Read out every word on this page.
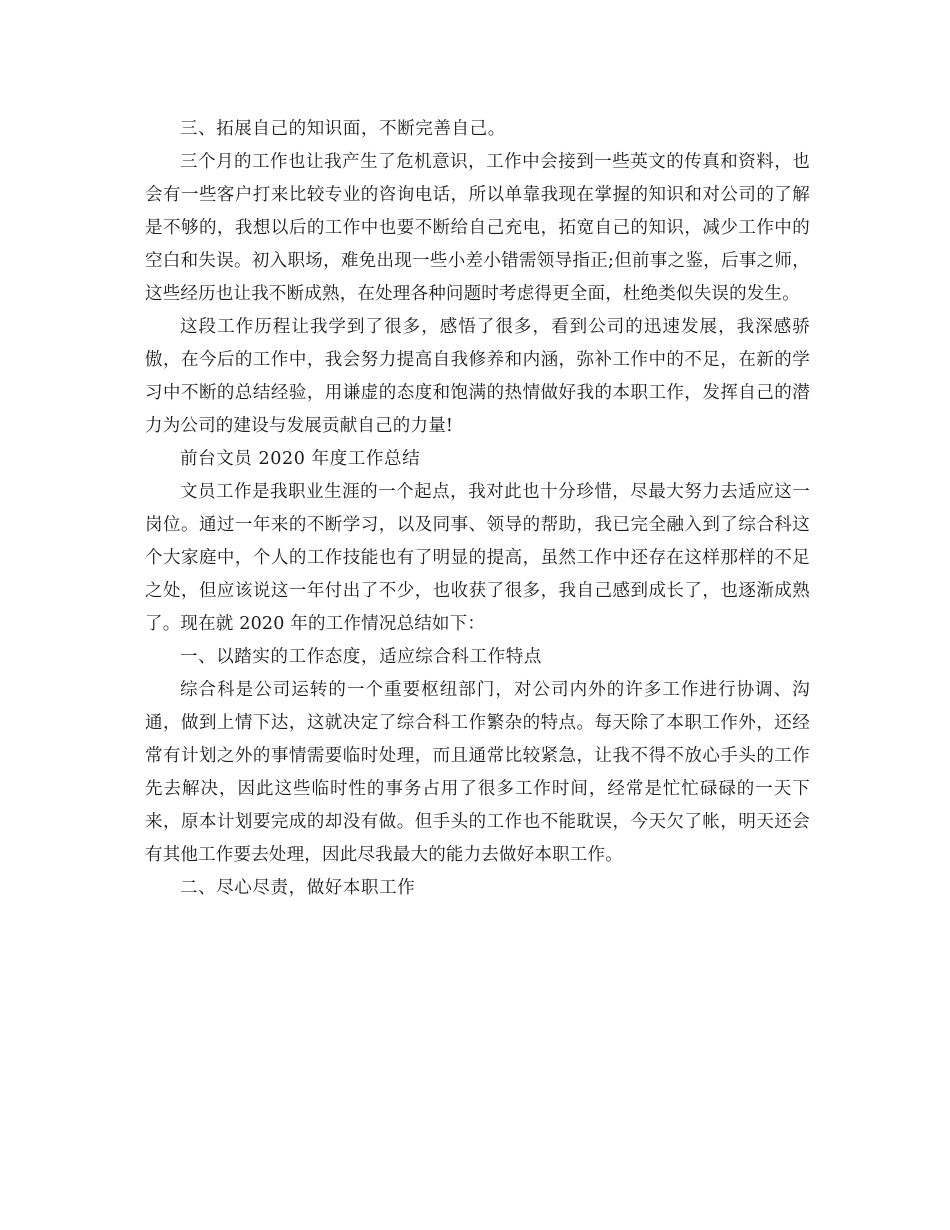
三、拓展自己的知识面，不断完善自己。

三个月的工作也让我产生了危机意识，工作中会接到一些英文的传真和资料，也会有一些客户打来比较专业的咨询电话，所以单靠我现在掌握的知识和对公司的了解是不够的，我想以后的工作中也要不断给自己充电，拓宽自己的知识，减少工作中的空白和失误。初入职场，难免出现一些小差小错需领导指正;但前事之鉴，后事之师，这些经历也让我不断成熟，在处理各种问题时考虑得更全面，杜绝类似失误的发生。

这段工作历程让我学到了很多，感悟了很多，看到公司的迅速发展，我深感骄傲，在今后的工作中，我会努力提高自我修养和内涵，弥补工作中的不足，在新的学习中不断的总结经验，用谦虚的态度和饱满的热情做好我的本职工作，发挥自己的潜力为公司的建设与发展贡献自己的力量!

前台文员 2020 年度工作总结

文员工作是我职业生涯的一个起点，我对此也十分珍惜，尽最大努力去适应这一岗位。通过一年来的不断学习，以及同事、领导的帮助，我已完全融入到了综合科这个大家庭中，个人的工作技能也有了明显的提高，虽然工作中还存在这样那样的不足之处，但应该说这一年付出了不少，也收获了很多，我自己感到成长了，也逐渐成熟了。现在就 2020 年的工作情况总结如下：

一、以踏实的工作态度，适应综合科工作特点

综合科是公司运转的一个重要枢纽部门，对公司内外的许多工作进行协调、沟通，做到上情下达，这就决定了综合科工作繁杂的特点。每天除了本职工作外，还经常有计划之外的事情需要临时处理，而且通常比较紧急，让我不得不放心手头的工作先去解决，因此这些临时性的事务占用了很多工作时间，经常是忙忙碌碌的一天下来，原本计划要完成的却没有做。但手头的工作也不能耽误，今天欠了帐，明天还会有其他工作要去处理，因此尽我最大的能力去做好本职工作。

二、尽心尽责，做好本职工作
